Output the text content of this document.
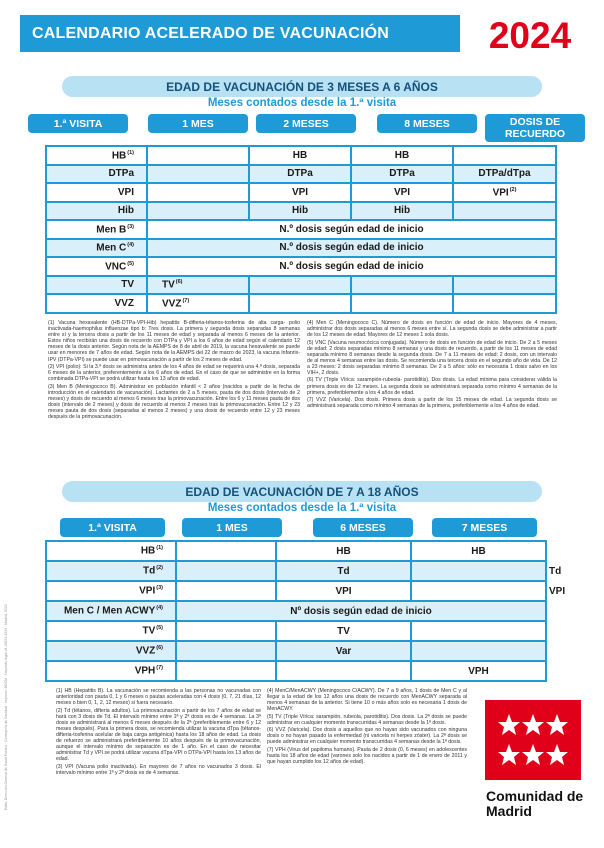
CALENDARIO ACELERADO DE VACUNACIÓN	2024
EDAD DE VACUNACIÓN DE 3 MESES A 6 AÑOS
Meses contados desde la 1.ª visita
1.ª VISITA	1 MES	2 MESES	8 MESES	DOSIS DE RECUERDO
HB$^{(1)}$		HB	HB	
DTPa		DTPa	DTPa	DTPa/dTpa
VPI		VPI	VPI	VPI$^{(2)}$
Hib		Hib	Hib	
Men $B^{(3)}$	N.º dosis según edad de inicio			
Men $C^{(4)}$	N.º dosis según edad de inicio			
VNC$^{(5)}$	N.º dosis según edad de inicio			
TV	TV$^{(6)}$			
VVZ	VVZ$^{(7)}$			

(1) Vacuna hexavalente (HB-DTPa-VPI-Hib) hepatitis B-difteria-tétanos-tosferina de alta carga- polio inactivada-haemophilus influenzae tipo b: Tres dosis. La primera y segunda dosis separadas 8 semanas entre sí y la tercera dosis a partir de los 11 meses de edad y separada al menos 6 meses de la anterior. Estos niños recibirán una dosis de recuerdo con DTPa y VPI a los 6 años de edad según el calendario 12 meses de la dosis anterior. Según nota de la AEMPS de 8 de abril de 2019, la vacuna hexavalente se puede usar en menores de 7 años de edad. Según nota de la AEMPS del 22 de marzo de 2023, la vacuna Infanrix-IPV (DTPa-VPI) se puede usar en primovacunación a partir de los 2 meses de edad.

(2) VPI (polio): Si la 3.ª dosis se administra antes de los 4 años de edad se requerirá una 4.ª dosis, separada 6 meses de la anterior, preferentemente a los 6 años de edad. En el caso de que se administre en la forma combinada DTPa-VPI se podrá utilizar hasta los 13 años de edad.

(3) Men B (Meningococo B). Administrar en población infantil < 2 años (nacidos a partir de la fecha de introducción en el calendario de vacunación). Lactantes de 2 a 5 meses, pauta de dos dosis (intervalo de 2 meses) y dosis de recuerdo al menos 6 meses tras la primovacunación. Entre los 6 y 11 meses pauta de dos dosis (intervalo de 2 meses) y dosis de recuerdo al menos 2 meses tras la primovacunación. Entre 12 y 23 meses pauta de dos dosis (separadas al menos 2 meses) y una dosis de recuerdo entre 12 y 23 meses después de la primovacunación.

(4) Men C (Meningococo C). Número de dosis en función de edad de inicio. Mayores de 4 meses, administrar dos dosis separadas al menos 6 meses entre sí. La segunda dosis se debe administrar a partir de los 12 meses de edad. Mayores de 12 meses 1 sola dosis.

(5) VNC (Vacuna neumocócica conjugada). Número de dosis en función de edad de inicio. De 2 a 5 meses de edad: 2 dosis separadas mínimo 8 semanas y una dosis de recuerdo, a partir de los 11 meses de edad separada mínimo 8 semanas desde la segunda dosis. De 7 a 11 meses de edad: 2 dosis, con un intervalo de al menos 4 semanas entre las dosis. Se recomienda una tercera dosis en el segundo año de vida. De 12 a 23 meses: 2 dosis separadas mínimo 8 semanas. De 2 a 5 años: sólo es necesaria 1 dosis salvo en los VIH+, 2 dosis.

(6) TV (Triple Vírica: sarampión-rubeola- parotiditis). Dos dosis. La edad mínima para considerar válida la primera dosis es de 12 meses. La segunda dosis se administrará separada como mínimo 4 semanas de la primera, preferiblemente a los 4 años de edad.

(7) VVZ (Varicela). Dos dosis. Primera dosis a partir de los 15 meses de edad. La segunda dosis se administrará separada como mínimo 4 semanas de la primera, preferiblemente a los 4 años de edad.

EDAD DE VACUNACIÓN DE 7 A 18 AÑOS
Meses contados desde la 1.ª visita
1.ª VISITA	1 MES	6 MESES	7 MESES
HB$^{(1)}$		HB	HB	
Td$^{(2)}$		Td		Td
VPI$^{(3)}$		VPI		VPI
Men C / Men ACWY$^{(4)}$	Nº dosis según edad de inicio			
TV$^{(5)}$		TV		
VVZ$^{(6)}$		Var		
VPH$^{(7)}$			VPH	

(1) HB (Hepatitis B). La vacunación se recomienda a las personas no vacunadas con anterioridad con pauta 0, 1 y 6 meses o pautas aceleradas con 4 dosis (0, 7, 21 días, 12 meses o bien 0, 1, 2, 12 meses) si fuera necesario.

(2) Td (tétanos, difteria adultos). La primovacunación a partir de los 7 años de edad se hará con 3 dosis de Td. El intervalo mínimo entre 1ª y 2ª dosis es de 4 semanas. La 3ª dosis se administrará al menos 6 meses después de la 2ª (preferiblemente entre 6 y 12 meses después). Para la primera dosis, se recomienda utilizar la vacuna dTpa (tétanos-difteria-tosferina acelular de baja carga antigénica) hasta los 18 años de edad. La dosis de refuerzo se administrará preferiblemente 10 años después de la primovacunación, aunque el intervalo mínimo de separación es de 1 año. En el caso de necesitar administrar Td y VPI se podrá utilizar vacuna dTpa-VPI o DTPa-VPI hasta los 13 años de edad.

(3) VPI (Vacuna polio inactivada). En mayores de 7 años no vacunados 3 dosis. El intervalo mínimo entre 1ª y 2ª dosis es de 4 semanas.

(4) MenC/MenACWY (Meningococo C/ACWY). De 7 a 9 años, 1 dosis de Men C y al llegar a la edad de los 12 años una dosis de recuerdo con MenACWY separada al menos 4 semanas de la anterior. Si tiene 10 o más años solo es necesaria 1 dosis de MenACWY.

(5) TV (Triple Vírica: sarampión, rubeola, parotiditis). Dos dosis. La 2ª dosis se puede administrar en cualquier momento transcurridas 4 semanas desde la 1ª dosis.

(6) VVZ (Varicela). Dos dosis a aquellos que no hayan sido vacunados con ninguna dosis o no hayan pasado la enfermedad (ni varicela ni herpes zóster). La 2ª dosis se puede administrar en cualquier momento transcurridas 4 semanas desde la 1ª dosis.

(7) VPH (Virus del papiloma humano). Pauta de 2 dosis (0, 6 meses) en adolescentes hasta los 18 años de edad (varones solo los nacidos a partir de 1 de enero de 2011 y que hayan cumplido los 12 años de edad).

Edita: Dirección General de Salud Pública · Consejería de Sanidad · Impreso: BOCM · Depósito legal: M-16823-2024 · Madrid, 2024	Comunidad de Madrid
